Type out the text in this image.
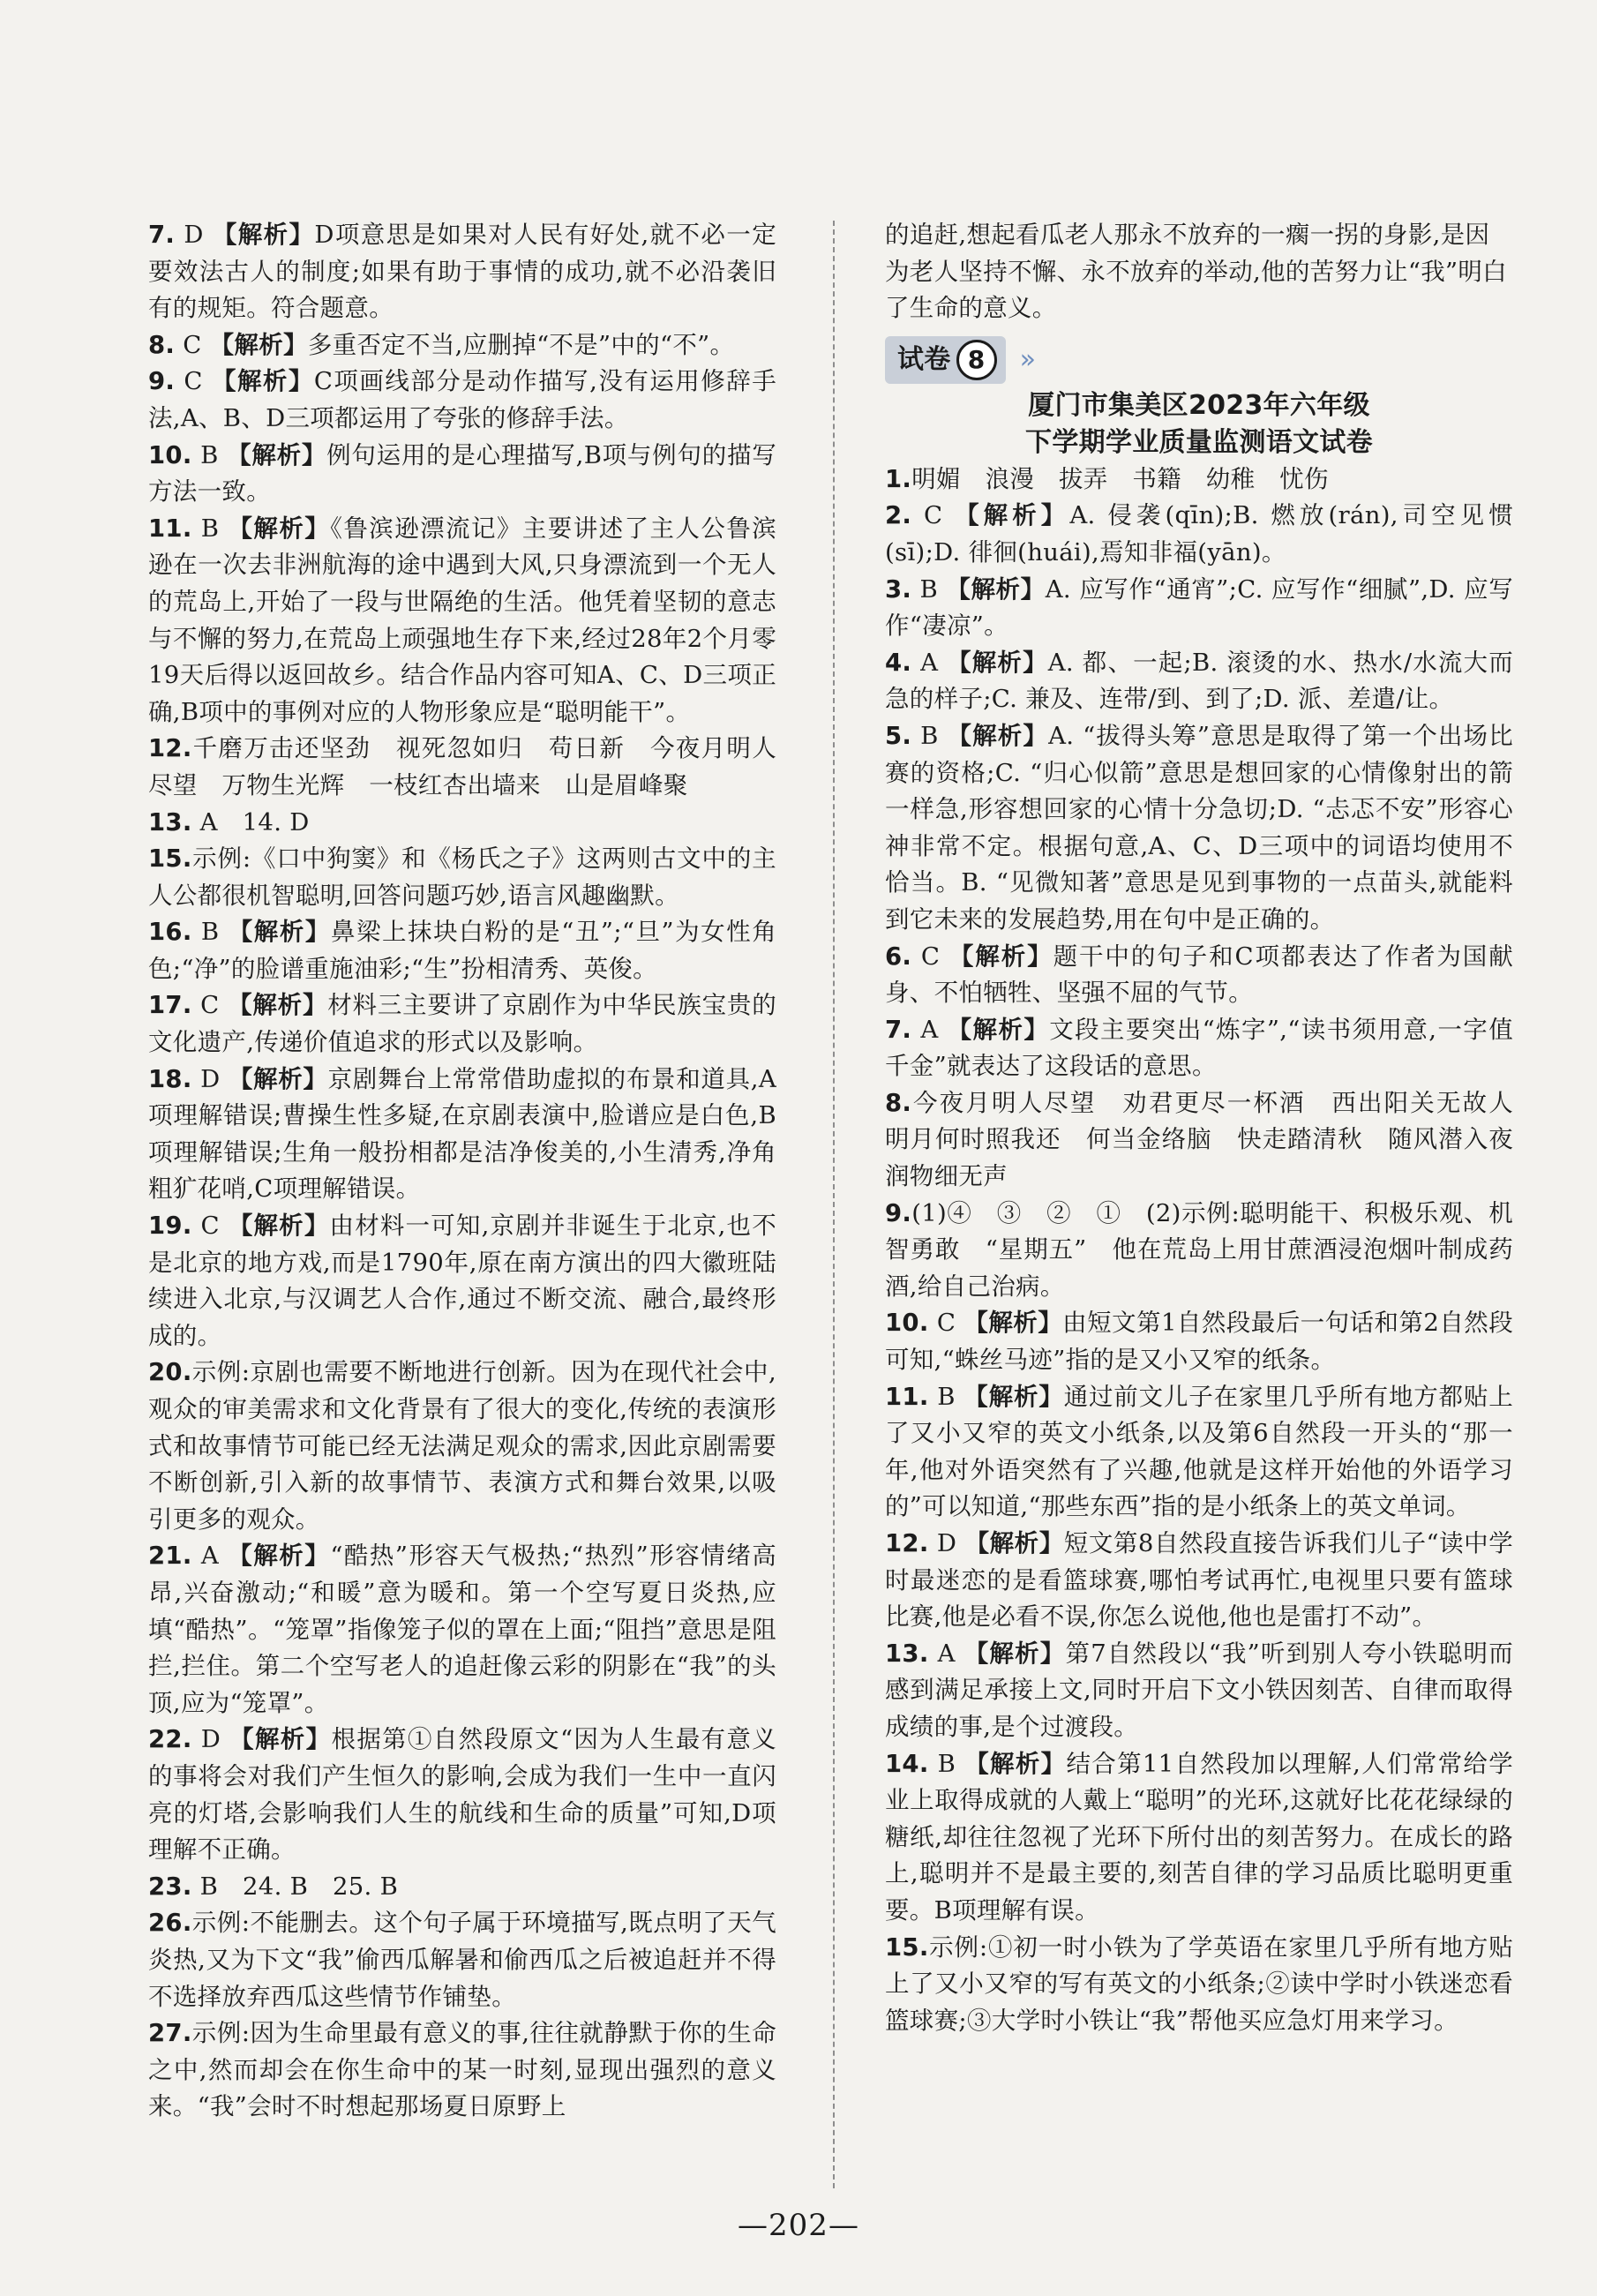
7. D 【解析】D项意思是如果对人民有好处,就不必一定要效法古人的制度;如果有助于事情的成功,就不必沿袭旧有的规矩。符合题意。

8. C 【解析】多重否定不当,应删掉“不是”中的“不”。

9. C 【解析】C项画线部分是动作描写,没有运用修辞手法,A、B、D三项都运用了夸张的修辞手法。

10. B 【解析】例句运用的是心理描写,B项与例句的描写方法一致。

11. B 【解析】《鲁滨逊漂流记》主要讲述了主人公鲁滨逊在一次去非洲航海的途中遇到大风,只身漂流到一个无人的荒岛上,开始了一段与世隔绝的生活。他凭着坚韧的意志与不懈的努力,在荒岛上顽强地生存下来,经过28年2个月零19天后得以返回故乡。结合作品内容可知A、C、D三项正确,B项中的事例对应的人物形象应是“聪明能干”。

12.千磨万击还坚劲　视死忽如归　苟日新　今夜月明人尽望　万物生光辉　一枝红杏出墙来　山是眉峰聚

13. A　14. D

15.示例:《口中狗窦》和《杨氏之子》这两则古文中的主人公都很机智聪明,回答问题巧妙,语言风趣幽默。

16. B 【解析】鼻梁上抹块白粉的是“丑”;“旦”为女性角色;“净”的脸谱重施油彩;“生”扮相清秀、英俊。

17. C 【解析】材料三主要讲了京剧作为中华民族宝贵的文化遗产,传递价值追求的形式以及影响。

18. D 【解析】京剧舞台上常常借助虚拟的布景和道具,A项理解错误;曹操生性多疑,在京剧表演中,脸谱应是白色,B项理解错误;生角一般扮相都是洁净俊美的,小生清秀,净角粗犷花哨,C项理解错误。

19. C 【解析】由材料一可知,京剧并非诞生于北京,也不是北京的地方戏,而是1790年,原在南方演出的四大徽班陆续进入北京,与汉调艺人合作,通过不断交流、融合,最终形成的。

20.示例:京剧也需要不断地进行创新。因为在现代社会中,观众的审美需求和文化背景有了很大的变化,传统的表演形式和故事情节可能已经无法满足观众的需求,因此京剧需要不断创新,引入新的故事情节、表演方式和舞台效果,以吸引更多的观众。

21. A 【解析】“酷热”形容天气极热;“热烈”形容情绪高昂,兴奋激动;“和暖”意为暖和。第一个空写夏日炎热,应填“酷热”。“笼罩”指像笼子似的罩在上面;“阻挡”意思是阻拦,拦住。第二个空写老人的追赶像云彩的阴影在“我”的头顶,应为“笼罩”。

22. D 【解析】根据第①自然段原文“因为人生最有意义的事将会对我们产生恒久的影响,会成为我们一生中一直闪亮的灯塔,会影响我们人生的航线和生命的质量”可知,D项理解不正确。

23. B　24. B　25. B

26.示例:不能删去。这个句子属于环境描写,既点明了天气炎热,又为下文“我”偷西瓜解暑和偷西瓜之后被追赶并不得不选择放弃西瓜这些情节作铺垫。

27.示例:因为生命里最有意义的事,往往就静默于你的生命之中,然而却会在你生命中的某一时刻,显现出强烈的意义来。“我”会时不时想起那场夏日原野上

的追赶,想起看瓜老人那永不放弃的一瘸一拐的身影,是因为老人坚持不懈、永不放弃的举动,他的苦努力让“我”明白了生命的意义。

试卷 8	»

厦门市集美区2023年六年级

下学期学业质量监测语文试卷

1.明媚　浪漫　拔弄　书籍　幼稚　忧伤

2. C 【解析】A. 侵袭(qīn);B. 燃放(rán),司空见惯(sī);D. 徘徊(huái),焉知非福(yān)。

3. B 【解析】A. 应写作“通宵”;C. 应写作“细腻”,D. 应写作“凄凉”。

4. A 【解析】A. 都、一起;B. 滚烫的水、热水/水流大而急的样子;C. 兼及、连带/到、到了;D. 派、差遣/让。

5. B 【解析】A. “拔得头筹”意思是取得了第一个出场比赛的资格;C. “归心似箭”意思是想回家的心情像射出的箭一样急,形容想回家的心情十分急切;D. “忐忑不安”形容心神非常不定。根据句意,A、C、D三项中的词语均使用不恰当。B. “见微知著”意思是见到事物的一点苗头,就能料到它未来的发展趋势,用在句中是正确的。

6. C 【解析】题干中的句子和C项都表达了作者为国献身、不怕牺牲、坚强不屈的气节。

7. A 【解析】文段主要突出“炼字”,“读书须用意,一字值千金”就表达了这段话的意思。

8.今夜月明人尽望　劝君更尽一杯酒　西出阳关无故人　明月何时照我还　何当金络脑　快走踏清秋　随风潜入夜　润物细无声

9.(1)④　③　②　①　(2)示例:聪明能干、积极乐观、机智勇敢　“星期五”　他在荒岛上用甘蔗酒浸泡烟叶制成药酒,给自己治病。

10. C 【解析】由短文第1自然段最后一句话和第2自然段可知,“蛛丝马迹”指的是又小又窄的纸条。

11. B 【解析】通过前文儿子在家里几乎所有地方都贴上了又小又窄的英文小纸条,以及第6自然段一开头的“那一年,他对外语突然有了兴趣,他就是这样开始他的外语学习的”可以知道,“那些东西”指的是小纸条上的英文单词。

12. D 【解析】短文第8自然段直接告诉我们儿子“读中学时最迷恋的是看篮球赛,哪怕考试再忙,电视里只要有篮球比赛,他是必看不误,你怎么说他,他也是雷打不动”。

13. A 【解析】第7自然段以“我”听到别人夸小铁聪明而感到满足承接上文,同时开启下文小铁因刻苦、自律而取得成绩的事,是个过渡段。

14. B 【解析】结合第11自然段加以理解,人们常常给学业上取得成就的人戴上“聪明”的光环,这就好比花花绿绿的糖纸,却往往忽视了光环下所付出的刻苦努力。在成长的路上,聪明并不是最主要的,刻苦自律的学习品质比聪明更重要。B项理解有误。

15.示例:①初一时小铁为了学英语在家里几乎所有地方贴上了又小又窄的写有英文的小纸条;②读中学时小铁迷恋看篮球赛;③大学时小铁让“我”帮他买应急灯用来学习。

—202—
